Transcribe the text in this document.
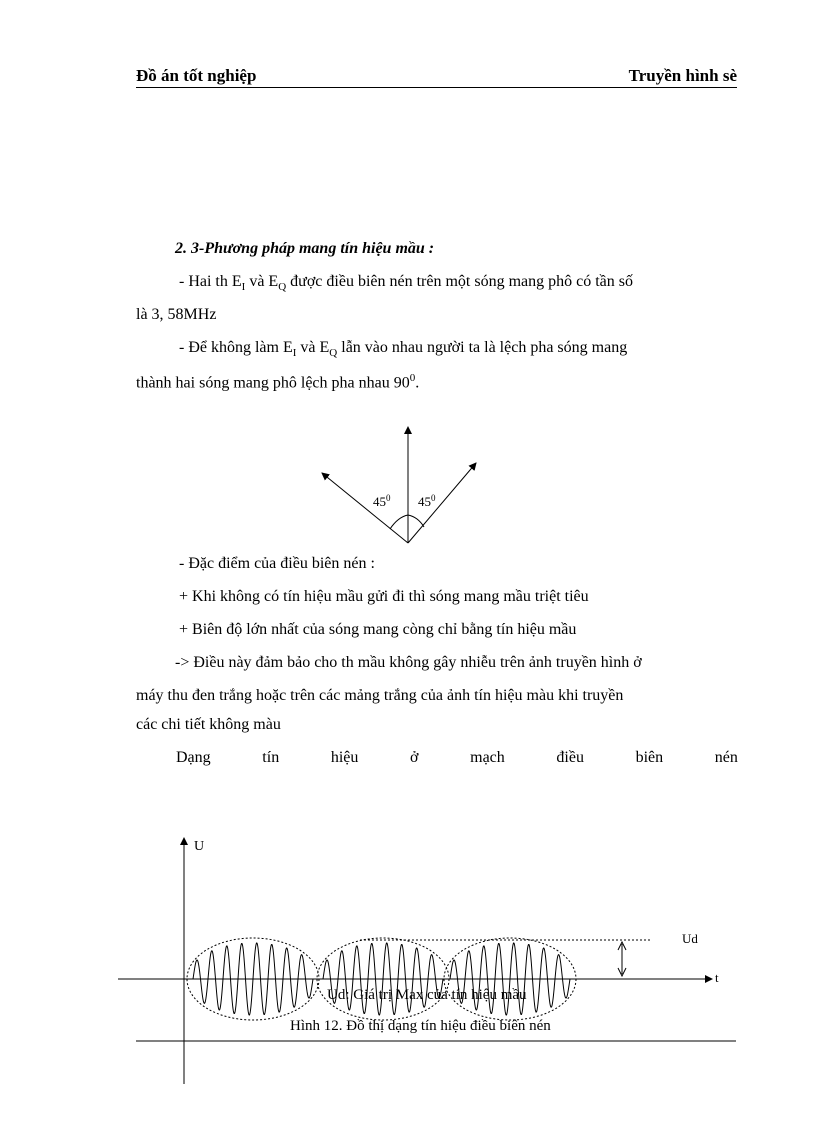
Đồ án tốt nghiệp	Truyền hình sè
2. 3-Phương pháp mang tín hiệu mầu :
- Hai th $E_I$ và $E_Q$ được điều biên nén trên một sóng mang phô có tần số
là 3, 58MHz
- Để không làm $E_I$ và $E_Q$ lẫn vào nhau người ta là lệch pha sóng mang
thành hai sóng mang phô lệch pha nhau $90^0$.
$45^0$ $45^0$
- Đặc điểm của điều biên nén :
+ Khi không có tín hiệu mầu gửi đi thì sóng mang mầu triệt tiêu
+ Biên độ lớn nhất của sóng mang còng chỉ bằng tín hiệu mầu
-> Điều này đảm bảo cho th mầu không gây nhiễu trên ảnh truyền hình ở
máy thu đen trắng hoặc trên các mảng trắng của ảnh tín hiệu màu khi truyền
các chi tiết không màu
Dạng	tín	hiệu	ở	mạch	điều	biên	nén
U
t
Ud
Ud: Giá trị Max của tín hiệu mầu
Hình 12. Đồ thị dạng tín hiệu điều biên nén
